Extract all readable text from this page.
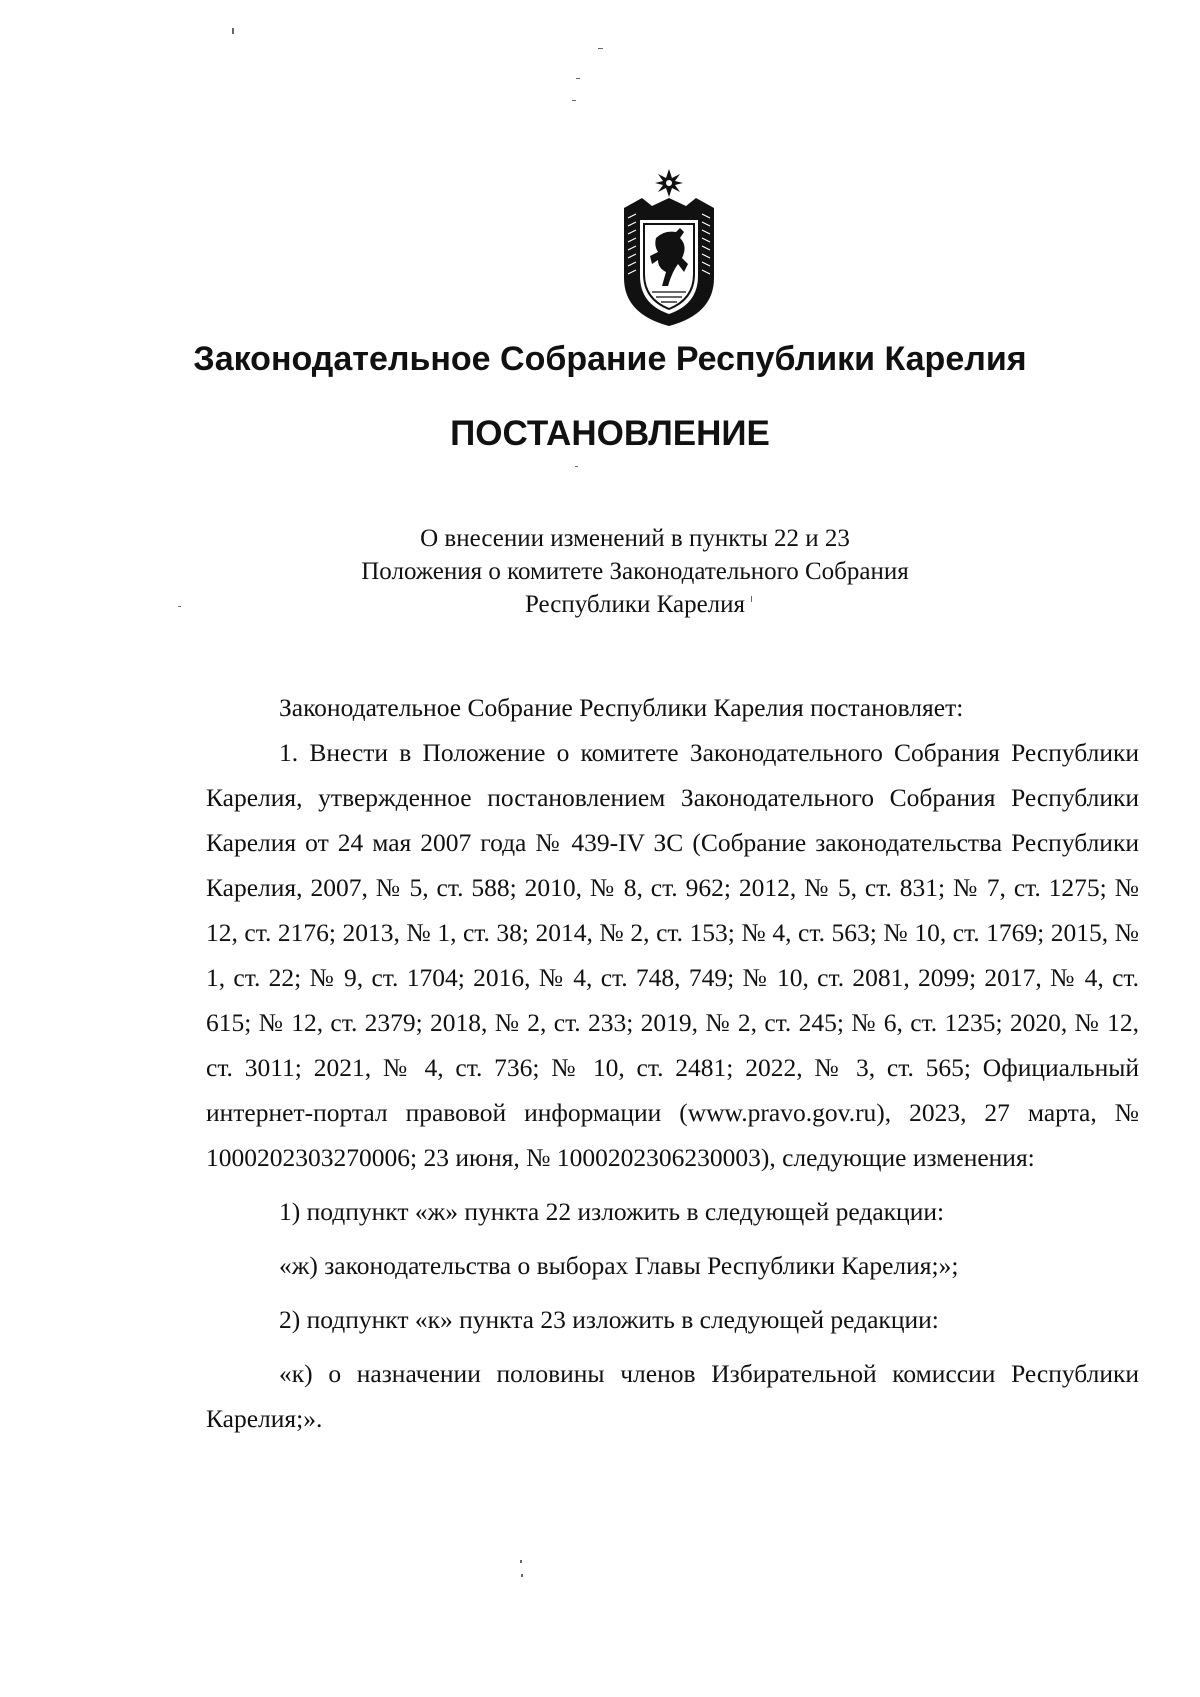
Законодательное Собрание Республики Карелия
ПОСТАНОВЛЕНИЕ
О внесении изменений в пункты 22 и 23
Положения о комитете Законодательного Собрания
Республики Карелия

Законодательное Собрание Республики Карелия постановляет:

1. Внести в Положение о комитете Законодательного Собрания Республики Карелия, утвержденное постановлением Законодательного Собрания Республики Карелия от 24 мая 2007 года № 439-IV ЗС (Собрание законодательства Республики Карелия, 2007, № 5, ст. 588; 2010, № 8, ст. 962; 2012, № 5, ст. 831; № 7, ст. 1275; № 12, ст. 2176; 2013, № 1, ст. 38; 2014, № 2, ст. 153; № 4, ст. 563; № 10, ст. 1769; 2015, № 1, ст. 22; № 9, ст. 1704; 2016, № 4, ст. 748, 749; № 10, ст. 2081, 2099; 2017, № 4, ст. 615; № 12, ст. 2379; 2018, № 2, ст. 233; 2019, № 2, ст. 245; № 6, ст. 1235; 2020, № 12, ст. 3011; 2021, № 4, ст. 736; № 10, ст. 2481; 2022, № 3, ст. 565; Официальный интернет-портал правовой информации (www.pravo.gov.ru), 2023, 27 марта, № 1000202303270006; 23 июня, № 1000202306230003), следующие изменения:

1) подпункт «ж» пункта 22 изложить в следующей редакции:

«ж) законодательства о выборах Главы Республики Карелия;»;

2) подпункт «к» пункта 23 изложить в следующей редакции:

«к) о назначении половины членов Избирательной комиссии Республики Карелия;».
